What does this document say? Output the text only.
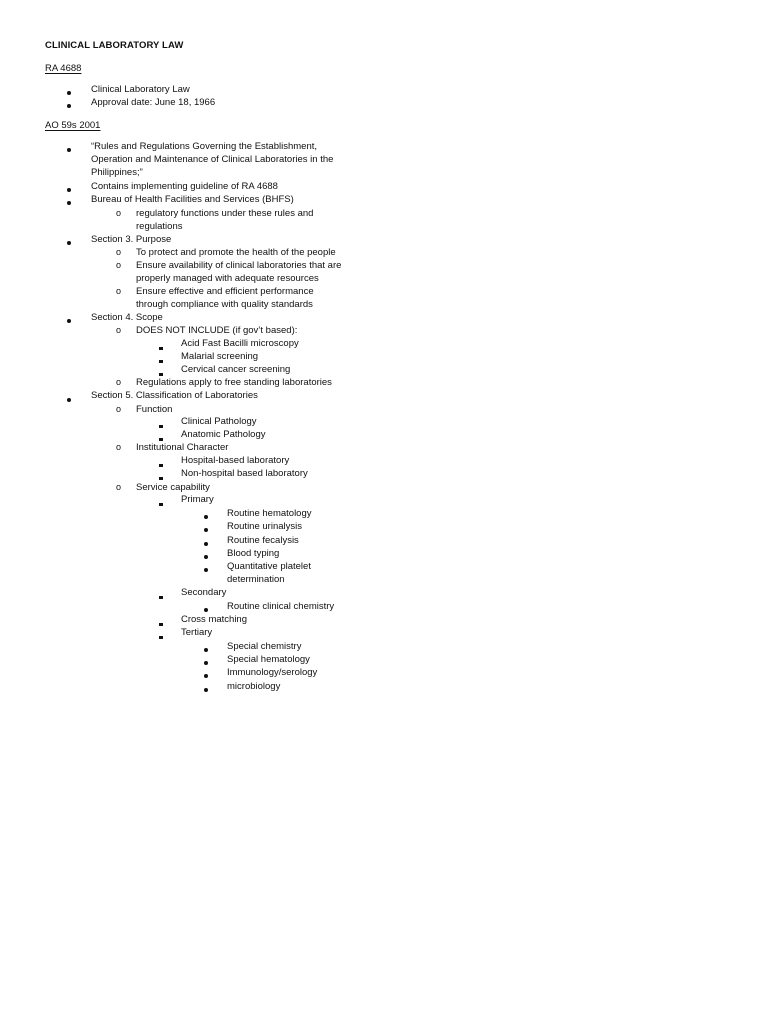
CLINICAL LABORATORY LAW
RA 4688
Clinical Laboratory Law
Approval date: June 18, 1966
AO 59s 2001
“Rules and Regulations Governing the Establishment,
Operation and Maintenance of Clinical Laboratories in the
Philippines;”
Contains implementing guideline of RA 4688
Bureau of Health Facilities and Services (BHFS)
o regulatory functions under these rules and
regulations
Section 3. Purpose
o To protect and promote the health of the people
o Ensure availability of clinical laboratories that are
properly managed with adequate resources
o Ensure effective and efficient performance
through compliance with quality standards
Section 4. Scope
o DOES NOT INCLUDE (if gov’t based):
Acid Fast Bacilli microscopy
Malarial screening
Cervical cancer screening
o Regulations apply to free standing laboratories
Section 5. Classification of Laboratories
o Function
Clinical Pathology
Anatomic Pathology
o Institutional Character
Hospital-based laboratory
Non-hospital based laboratory
o Service capability
Primary
Routine hematology
Routine urinalysis
Routine fecalysis
Blood typing
Quantitative platelet
determination
Secondary
Routine clinical chemistry
Cross matching
Tertiary
Special chemistry
Special hematology
Immunology/serology
microbiology
